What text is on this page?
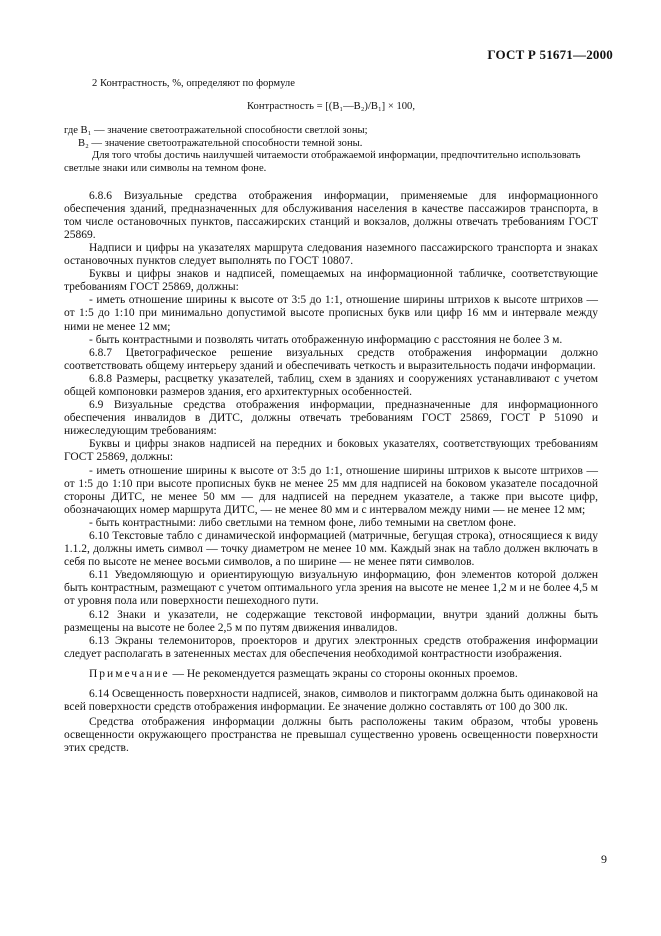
ГОСТ Р 51671—2000

2 Контрастность, %, определяют по формуле

Контрастность = [(B₁—B₂)/B₁] × 100,

где B₁ — значение светоотражательной способности светлой зоны;

B₂ — значение светоотражательной способности темной зоны.

Для того чтобы достичь наилучшей читаемости отображаемой информации, предпочтительно использовать светлые знаки или символы на темном фоне.

6.8.6 Визуальные средства отображения информации, применяемые для информационного обеспечения зданий, предназначенных для обслуживания населения в качестве пассажиров транспорта, в том числе остановочных пунктов, пассажирских станций и вокзалов, должны отвечать требованиям ГОСТ 25869.

Надписи и цифры на указателях маршрута следования наземного пассажирского транспорта и знаках остановочных пунктов следует выполнять по ГОСТ 10807.

Буквы и цифры знаков и надписей, помещаемых на информационной табличке, соответствующие требованиям ГОСТ 25869, должны:

- иметь отношение ширины к высоте от 3:5 до 1:1, отношение ширины штрихов к высоте штрихов — от 1:5 до 1:10 при минимально допустимой высоте прописных букв или цифр 16 мм и интервале между ними не менее 12 мм;

- быть контрастными и позволять читать отображенную информацию с расстояния не более 3 м.

6.8.7 Цветографическое решение визуальных средств отображения информации должно соответствовать общему интерьеру зданий и обеспечивать четкость и выразительность подачи информации.

6.8.8 Размеры, расцветку указателей, таблиц, схем в зданиях и сооружениях устанавливают с учетом общей компоновки размеров здания, его архитектурных особенностей.

6.9 Визуальные средства отображения информации, предназначенные для информационного обеспечения инвалидов в ДИТС, должны отвечать требованиям ГОСТ 25869, ГОСТ Р 51090 и нижеследующим требованиям:

Буквы и цифры знаков надписей на передних и боковых указателях, соответствующих требованиям ГОСТ 25869, должны:

- иметь отношение ширины к высоте от 3:5 до 1:1, отношение ширины штрихов к высоте штрихов — от 1:5 до 1:10 при высоте прописных букв не менее 25 мм для надписей на боковом указателе посадочной стороны ДИТС, не менее 50 мм — для надписей на переднем указателе, а также при высоте цифр, обозначающих номер маршрута ДИТС, — не менее 80 мм и с интервалом между ними — не менее 12 мм;

- быть контрастными: либо светлыми на темном фоне, либо темными на светлом фоне.

6.10 Текстовые табло с динамической информацией (матричные, бегущая строка), относящиеся к виду 1.1.2, должны иметь символ — точку диаметром не менее 10 мм. Каждый знак на табло должен включать в себя по высоте не менее восьми символов, а по ширине — не менее пяти символов.

6.11 Уведомляющую и ориентирующую визуальную информацию, фон элементов которой должен быть контрастным, размещают с учетом оптимального угла зрения на высоте не менее 1,2 м и не более 4,5 м от уровня пола или поверхности пешеходного пути.

6.12 Знаки и указатели, не содержащие текстовой информации, внутри зданий должны быть размещены на высоте не более 2,5 м по путям движения инвалидов.

6.13 Экраны телемониторов, проекторов и других электронных средств отображения информации следует располагать в затененных местах для обеспечения необходимой контрастности изображения.

Примечание — Не рекомендуется размещать экраны со стороны оконных проемов.

6.14 Освещенность поверхности надписей, знаков, символов и пиктограмм должна быть одинаковой на всей поверхности средств отображения информации. Ее значение должно составлять от 100 до 300 лк.

Средства отображения информации должны быть расположены таким образом, чтобы уровень освещенности окружающего пространства не превышал существенно уровень освещенности поверхности этих средств.

9
